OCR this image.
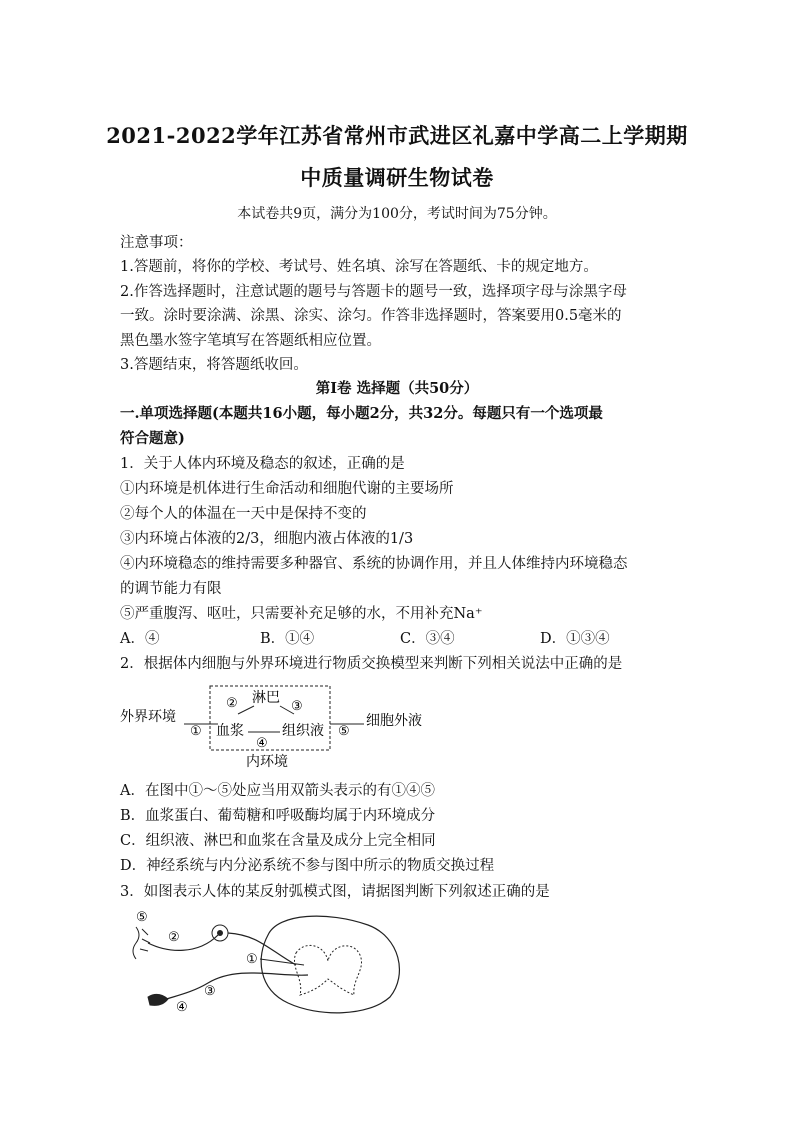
2021-2022学年江苏省常州市武进区礼嘉中学高二上学期期
中质量调研生物试卷
本试卷共9页，满分为100分，考试时间为75分钟。
注意事项：
1.答题前，将你的学校、考试号、姓名填、涂写在答题纸、卡的规定地方。
2.作答选择题时，注意试题的题号与答题卡的题号一致，选择项字母与涂黑字母
一致。涂时要涂满、涂黑、涂实、涂匀。作答非选择题时，答案要用0.5毫米的
黑色墨水签字笔填写在答题纸相应位置。
3.答题结束，将答题纸收回。
第Ⅰ卷 选择题（共50分）
一.单项选择题(本题共16小题，每小题2分，共32分。每题只有一个选项最
符合题意)
1．关于人体内环境及稳态的叙述，正确的是
①内环境是机体进行生命活动和细胞代谢的主要场所
②每个人的体温在一天中是保持不变的
③内环境占体液的2/3，细胞内液占体液的1/3
④内环境稳态的维持需要多种器官、系统的协调作用，并且人体维持内环境稳态
的调节能力有限
⑤严重腹泻、呕吐，只需要补充足够的水，不用补充Na⁺
A．④	B．①④	C．③④	D．①③④
2．根据体内细胞与外界环境进行物质交换模型来判断下列相关说法中正确的是
外界环境
①
② 淋巴
③
血浆
④
组织液 ⑤
细胞外液
内环境
A．在图中①～⑤处应当用双箭头表示的有①④⑤
B．血浆蛋白、葡萄糖和呼吸酶均属于内环境成分
C．组织液、淋巴和血浆在含量及成分上完全相同
D．神经系统与内分泌系统不参与图中所示的物质交换过程
3．如图表示人体的某反射弧模式图，请据图判断下列叙述正确的是
⑤
②
①
③
④
